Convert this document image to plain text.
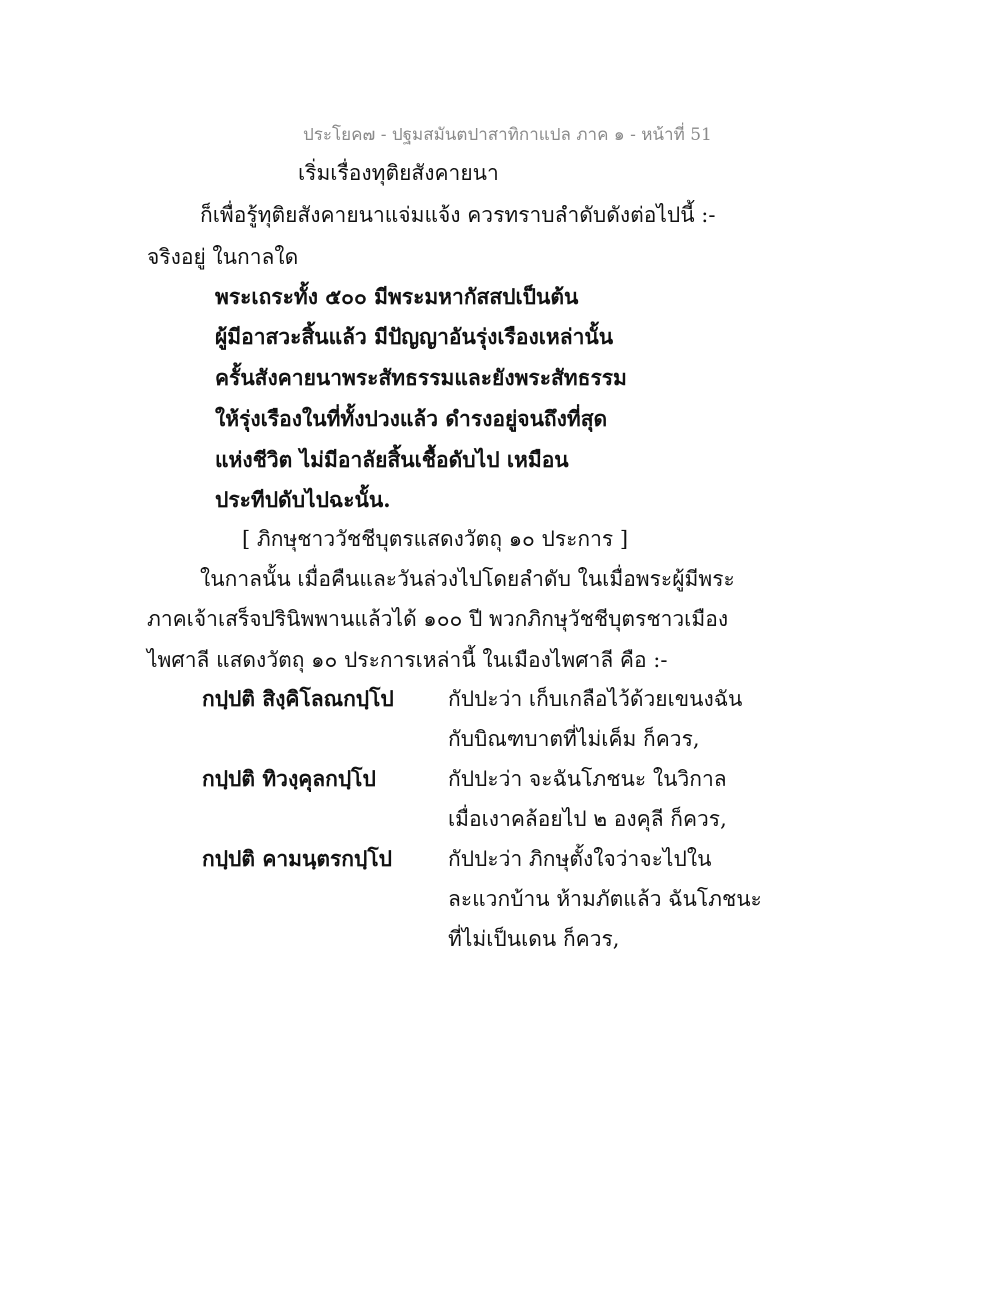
ประโยค๗ - ปฐมสมันตปาสาทิกาแปล ภาค ๑ - หน้าที่ 51
เริ่มเรื่องทุติยสังคายนา
ก็เพื่อรู้ทุติยสังคายนาแจ่มแจ้ง ควรทราบลำดับดังต่อไปนี้ :-
จริงอยู่ ในกาลใด
พระเถระทั้ง ๕๐๐ มีพระมหากัสสปเป็นต้น
ผู้มีอาสวะสิ้นแล้ว มีปัญญาอันรุ่งเรืองเหล่านั้น
ครั้นสังคายนาพระสัทธรรมและยังพระสัทธรรม
ให้รุ่งเรืองในที่ทั้งปวงแล้ว ดำรงอยู่จนถึงที่สุด
แห่งชีวิต ไม่มีอาลัยสิ้นเชื้อดับไป เหมือน
ประทีปดับไปฉะนั้น.
[ ภิกษุชาววัชชีบุตรแสดงวัตถุ ๑๐ ประการ ]
ในกาลนั้น เมื่อคืนและวันล่วงไปโดยลำดับ ในเมื่อพระผู้มีพระ
ภาคเจ้าเสร็จปรินิพพานแล้วได้ ๑๐๐ ปี พวกภิกษุวัชชีบุตรชาวเมือง
ไพศาลี แสดงวัตถุ ๑๐ ประการเหล่านี้ ในเมืองไพศาลี คือ :-
กปฺปติ สิงฺคิโลณกปฺโป	กัปปะว่า เก็บเกลือไว้ด้วยเขนงฉัน
กับบิณฑบาตที่ไม่เค็ม ก็ควร,
กปฺปติ ทิวงฺคุลกปฺโป	กัปปะว่า จะฉันโภชนะ ในวิกาล
เมื่อเงาคล้อยไป ๒ องคุลี ก็ควร,
กปฺปติ คามนฺตรกปฺโป	กัปปะว่า ภิกษุตั้งใจว่าจะไปใน
ละแวกบ้าน ห้ามภัตแล้ว ฉันโภชนะ
ที่ไม่เป็นเดน ก็ควร,
